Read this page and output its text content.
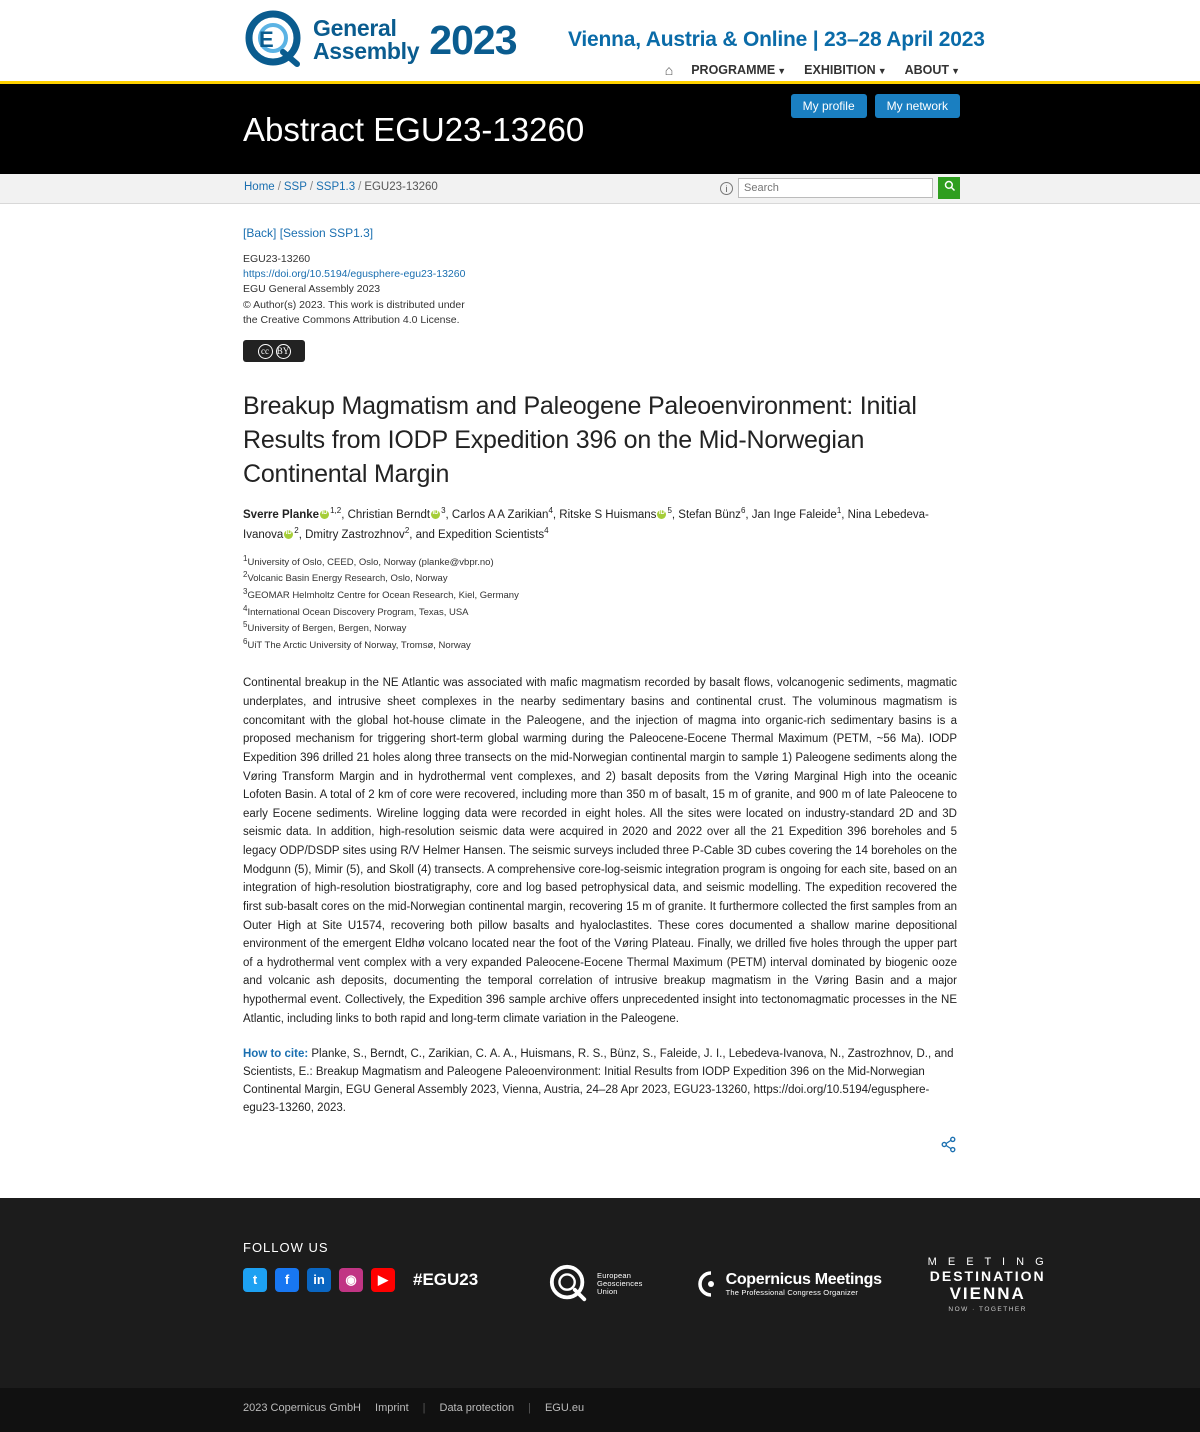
E General
Assembly 2023 Vienna, Austria & Online | 23–28 April 2023
⌂ PROGRAMME ▼ EXHIBITION ▼ ABOUT ▼
My profile	My network
Abstract EGU23-13260
Home / SSP / SSP1.3 / EGU23-13260	i
Search
[Back] [Session SSP1.3]
EGU23-13260
https://doi.org/10.5194/egusphere-egu23-13260
EGU General Assembly 2023
© Author(s) 2023. This work is distributed under
the Creative Commons Attribution 4.0 License.
cc BY
Breakup Magmatism and Paleogene Paleoenvironment: Initial Results from IODP Expedition 396 on the Mid-Norwegian Continental Margin
Sverre Planke iD $^{1,2}$, Christian Berndt iD $^3$, Carlos A A Zarikian$^4$, Ritske S Huismans iD $^5$, Stefan Bünz$^6$, Jan Inge Faleide$^1$, Nina Lebedeva-Ivanova iD $^2$, Dmitry Zastrozhnov$^2$, and Expedition Scientists$^4$
$^1$University of Oslo, CEED, Oslo, Norway (planke@vbpr.no)
$^2$Volcanic Basin Energy Research, Oslo, Norway
$^3$GEOMAR Helmholtz Centre for Ocean Research, Kiel, Germany
$^4$International Ocean Discovery Program, Texas, USA
$^5$University of Bergen, Bergen, Norway
$^6$UiT The Arctic University of Norway, Tromsø, Norway
Continental breakup in the NE Atlantic was associated with mafic magmatism recorded by basalt flows, volcanogenic sediments, magmatic underplates, and intrusive sheet complexes in the nearby sedimentary basins and continental crust. The voluminous magmatism is concomitant with the global hot-house climate in the Paleogene, and the injection of magma into organic-rich sedimentary basins is a proposed mechanism for triggering short-term global warming during the Paleocene-Eocene Thermal Maximum (PETM, ~56 Ma). IODP Expedition 396 drilled 21 holes along three transects on the mid-Norwegian continental margin to sample 1) Paleogene sediments along the Vøring Transform Margin and in hydrothermal vent complexes, and 2) basalt deposits from the Vøring Marginal High into the oceanic Lofoten Basin. A total of 2 km of core were recovered, including more than 350 m of basalt, 15 m of granite, and 900 m of late Paleocene to early Eocene sediments. Wireline logging data were recorded in eight holes. All the sites were located on industry-standard 2D and 3D seismic data. In addition, high-resolution seismic data were acquired in 2020 and 2022 over all the 21 Expedition 396 boreholes and 5 legacy ODP/DSDP sites using R/V Helmer Hansen. The seismic surveys included three P-Cable 3D cubes covering the 14 boreholes on the Modgunn (5), Mimir (5), and Skoll (4) transects. A comprehensive core-log-seismic integration program is ongoing for each site, based on an integration of high-resolution biostratigraphy, core and log based petrophysical data, and seismic modelling. The expedition recovered the first sub-basalt cores on the mid-Norwegian continental margin, recovering 15 m of granite. It furthermore collected the first samples from an Outer High at Site U1574, recovering both pillow basalts and hyaloclastites. These cores documented a shallow marine depositional environment of the emergent Eldhø volcano located near the foot of the Vøring Plateau. Finally, we drilled five holes through the upper part of a hydrothermal vent complex with a very expanded Paleocene-Eocene Thermal Maximum (PETM) interval dominated by biogenic ooze and volcanic ash deposits, documenting the temporal correlation of intrusive breakup magmatism in the Vøring Basin and a major hypothermal event. Collectively, the Expedition 396 sample archive offers unprecedented insight into tectonomagmatic processes in the NE Atlantic, including links to both rapid and long-term climate variation in the Paleogene.
How to cite: Planke, S., Berndt, C., Zarikian, C. A. A., Huismans, R. S., Bünz, S., Faleide, J. I., Lebedeva-Ivanova, N., Zastrozhnov, D., and Scientists, E.: Breakup Magmatism and Paleogene Paleoenvironment: Initial Results from IODP Expedition 396 on the Mid-Norwegian Continental Margin, EGU General Assembly 2023, Vienna, Austria, 24–28 Apr 2023, EGU23-13260, https://doi.org/10.5194/egusphere-egu23-13260, 2023.
FOLLOW US
t	f	in	◉	▶	#EGU23	European
Geosciences
Union
Copernicus Meetings
The Professional Congress Organizer
M E E T I N G
DESTINATION
VIENNA
NOW · TOGETHER
2023 Copernicus GmbH Imprint | Data protection | EGU.eu
